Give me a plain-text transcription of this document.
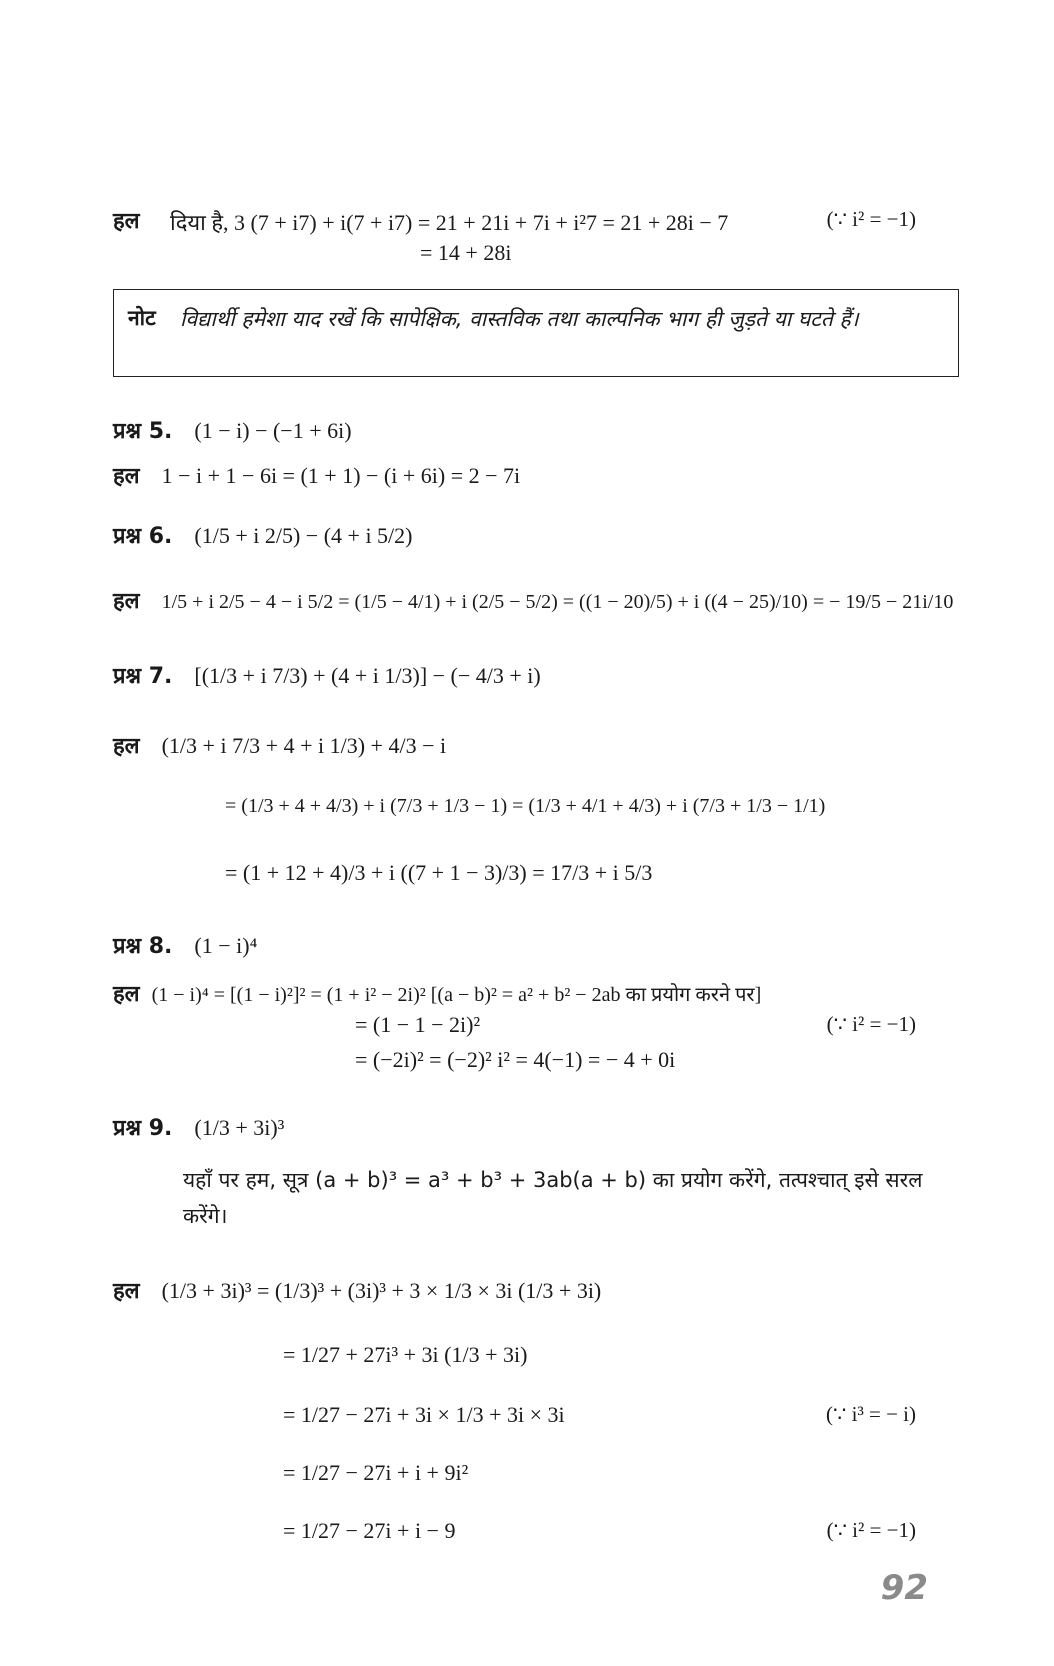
हल दिया है, 3 (7 + i7) + i(7 + i7) = 21 + 21i + 7i + i²7 = 21 + 28i − 7	(∵ i² = −1)
= 14 + 28i
नोट विद्यार्थी हमेशा याद रखें कि सापेक्षिक, वास्तविक तथा काल्पनिक भाग ही जुड़ते या घटते हैं।
प्रश्न 5. (1 − i) − (−1 + 6i)
हल 1 − i + 1 − 6i = (1 + 1) − (i + 6i) = 2 − 7i
प्रश्न 6. (1/5 + i 2/5) − (4 + i 5/2)
हल 1/5 + i 2/5 − 4 − i 5/2 = (1/5 − 4/1) + i (2/5 − 5/2) = ((1 − 20)/5) + i ((4 − 25)/10) = − 19/5 − 21i/10
प्रश्न 7. [(1/3 + i 7/3) + (4 + i 1/3)] − (− 4/3 + i)
हल (1/3 + i 7/3 + 4 + i 1/3) + 4/3 − i
= (1/3 + 4 + 4/3) + i (7/3 + 1/3 − 1) = (1/3 + 4/1 + 4/3) + i (7/3 + 1/3 − 1/1)
= (1 + 12 + 4)/3 + i ((7 + 1 − 3)/3) = 17/3 + i 5/3
प्रश्न 8. (1 − i)⁴
हल (1 − i)⁴ = [(1 − i)²]² = (1 + i² − 2i)² [(a − b)² = a² + b² − 2ab का प्रयोग करने पर]
= (1 − 1 − 2i)²	(∵ i² = −1)
= (−2i)² = (−2)² i² = 4(−1) = − 4 + 0i
प्रश्न 9. (1/3 + 3i)³
यहाँ पर हम, सूत्र (a + b)³ = a³ + b³ + 3ab(a + b) का प्रयोग करेंगे, तत्पश्चात् इसे सरल करेंगे।
हल (1/3 + 3i)³ = (1/3)³ + (3i)³ + 3 × 1/3 × 3i (1/3 + 3i)
= 1/27 + 27i³ + 3i (1/3 + 3i)
= 1/27 − 27i + 3i × 1/3 + 3i × 3i	(∵ i³ = − i)
= 1/27 − 27i + i + 9i²
= 1/27 − 27i + i − 9	(∵ i² = −1)
92
